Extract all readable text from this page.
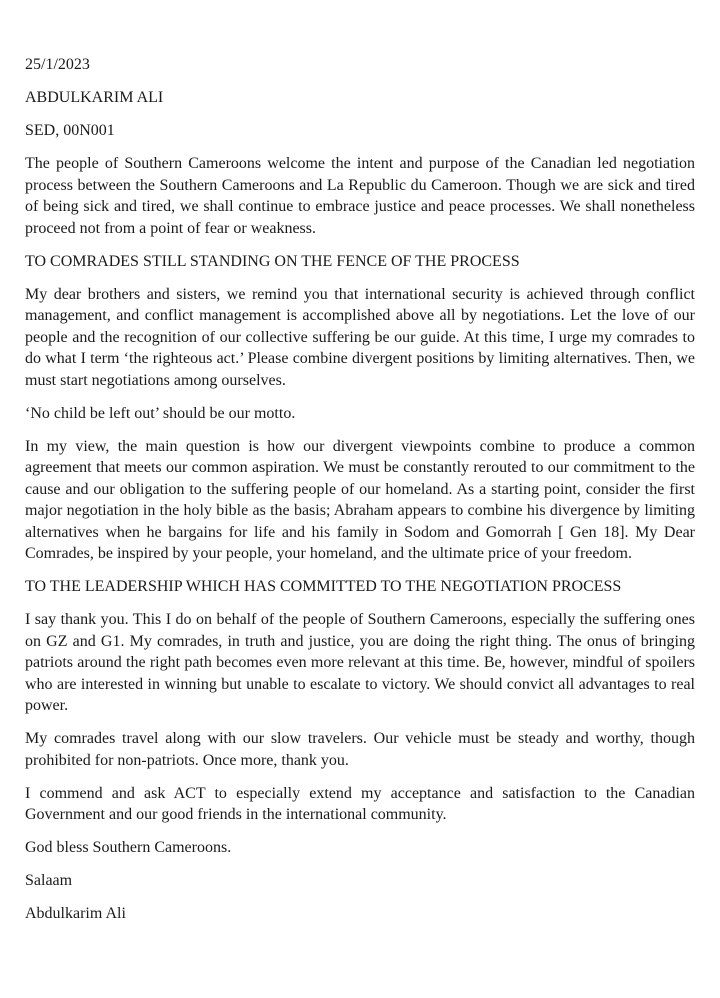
25/1/2023

ABDULKARIM ALI

SED, 00N001

The people of Southern Cameroons welcome the intent and purpose of the Canadian led negotiation process between the Southern Cameroons and La Republic du Cameroon. Though we are sick and tired of being sick and tired, we shall continue to embrace justice and peace processes. We shall nonetheless proceed not from a point of fear or weakness.

TO COMRADES STILL STANDING ON THE FENCE OF THE PROCESS

My dear brothers and sisters, we remind you that international security is achieved through conflict management, and conflict management is accomplished above all by negotiations. Let the love of our people and the recognition of our collective suffering be our guide. At this time, I urge my comrades to do what I term ‘the righteous act.’ Please combine divergent positions by limiting alternatives. Then, we must start negotiations among ourselves.

‘No child be left out’ should be our motto.

In my view, the main question is how our divergent viewpoints combine to produce a common agreement that meets our common aspiration. We must be constantly rerouted to our commitment to the cause and our obligation to the suffering people of our homeland. As a starting point, consider the first major negotiation in the holy bible as the basis; Abraham appears to combine his divergence by limiting alternatives when he bargains for life and his family in Sodom and Gomorrah [ Gen 18]. My Dear Comrades, be inspired by your people, your homeland, and the ultimate price of your freedom.

TO THE LEADERSHIP WHICH HAS COMMITTED TO THE NEGOTIATION PROCESS

I say thank you. This I do on behalf of the people of Southern Cameroons, especially the suffering ones on GZ and G1. My comrades, in truth and justice, you are doing the right thing. The onus of bringing patriots around the right path becomes even more relevant at this time. Be, however, mindful of spoilers who are interested in winning but unable to escalate to victory. We should convict all advantages to real power.

My comrades travel along with our slow travelers. Our vehicle must be steady and worthy, though prohibited for non-patriots. Once more, thank you.

I commend and ask ACT to especially extend my acceptance and satisfaction to the Canadian Government and our good friends in the international community.

God bless Southern Cameroons.

Salaam

Abdulkarim Ali
